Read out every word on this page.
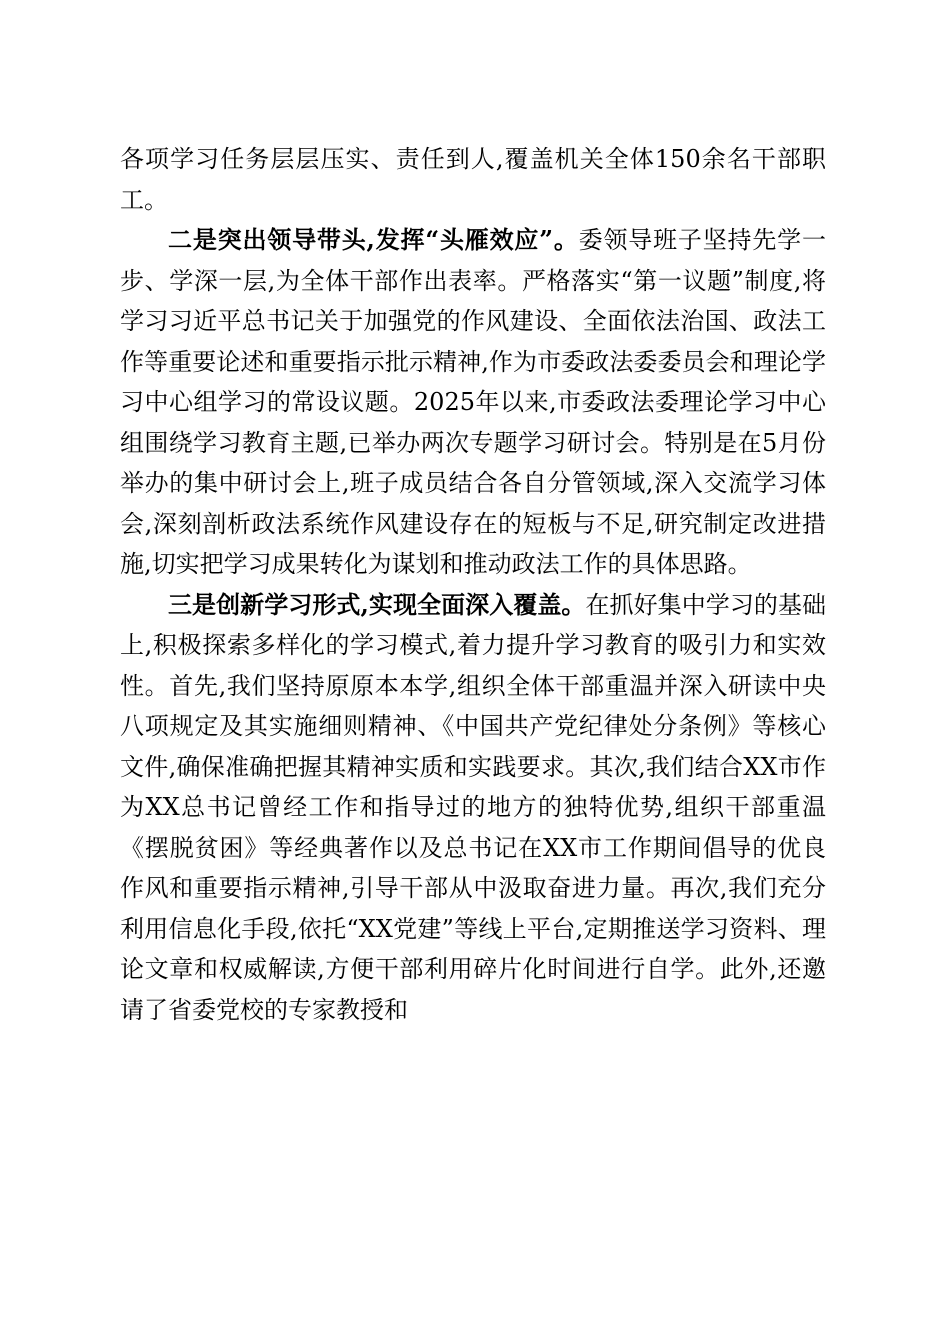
各项学习任务层层压实、责任到人,覆盖机关全体150余名干部职工。

二是突出领导带头,发挥“头雁效应”。委领导班子坚持先学一步、学深一层,为全体干部作出表率。严格落实“第一议题”制度,将学习习近平总书记关于加强党的作风建设、全面依法治国、政法工作等重要论述和重要指示批示精神,作为市委政法委委员会和理论学习中心组学习的常设议题。2025年以来,市委政法委理论学习中心组围绕学习教育主题,已举办两次专题学习研讨会。特别是在5月份举办的集中研讨会上,班子成员结合各自分管领域,深入交流学习体会,深刻剖析政法系统作风建设存在的短板与不足,研究制定改进措施,切实把学习成果转化为谋划和推动政法工作的具体思路。

三是创新学习形式,实现全面深入覆盖。在抓好集中学习的基础上,积极探索多样化的学习模式,着力提升学习教育的吸引力和实效性。首先,我们坚持原原本本学,组织全体干部重温并深入研读中央八项规定及其实施细则精神、《中国共产党纪律处分条例》等核心文件,确保准确把握其精神实质和实践要求。其次,我们结合XX市作为XX总书记曾经工作和指导过的地方的独特优势,组织干部重温《摆脱贫困》等经典著作以及总书记在XX市工作期间倡导的优良作风和重要指示精神,引导干部从中汲取奋进力量。再次,我们充分利用信息化手段,依托“XX党建”等线上平台,定期推送学习资料、理论文章和权威解读,方便干部利用碎片化时间进行自学。此外,还邀请了省委党校的专家教授和
